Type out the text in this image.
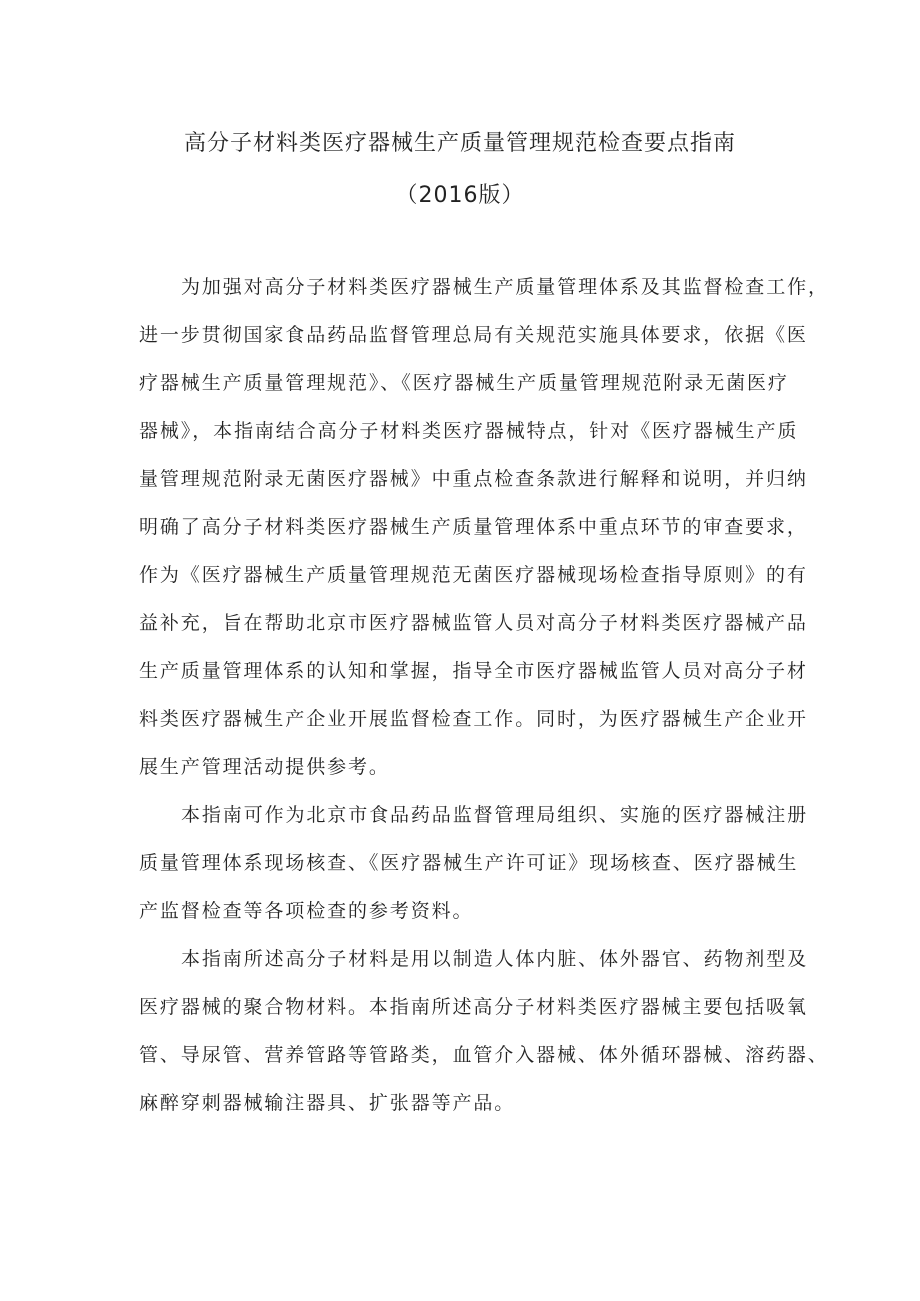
高分子材料类医疗器械生产质量管理规范检查要点指南
（2016版）
为加强对高分子材料类医疗器械生产质量管理体系及其监督检查工作，
进一步贯彻国家食品药品监督管理总局有关规范实施具体要求，依据《医
疗器械生产质量管理规范》、《医疗器械生产质量管理规范附录无菌医疗
器械》，本指南结合高分子材料类医疗器械特点，针对《医疗器械生产质
量管理规范附录无菌医疗器械》中重点检查条款进行解释和说明，并归纳
明确了高分子材料类医疗器械生产质量管理体系中重点环节的审查要求，
作为《医疗器械生产质量管理规范无菌医疗器械现场检查指导原则》的有
益补充，旨在帮助北京市医疗器械监管人员对高分子材料类医疗器械产品
生产质量管理体系的认知和掌握，指导全市医疗器械监管人员对高分子材
料类医疗器械生产企业开展监督检查工作。同时，为医疗器械生产企业开
展生产管理活动提供参考。
本指南可作为北京市食品药品监督管理局组织、实施的医疗器械注册
质量管理体系现场核查、《医疗器械生产许可证》现场核查、医疗器械生
产监督检查等各项检查的参考资料。
本指南所述高分子材料是用以制造人体内脏、体外器官、药物剂型及
医疗器械的聚合物材料。本指南所述高分子材料类医疗器械主要包括吸氧
管、导尿管、营养管路等管路类，血管介入器械、体外循环器械、溶药器、
麻醉穿刺器械输注器具、扩张器等产品。
